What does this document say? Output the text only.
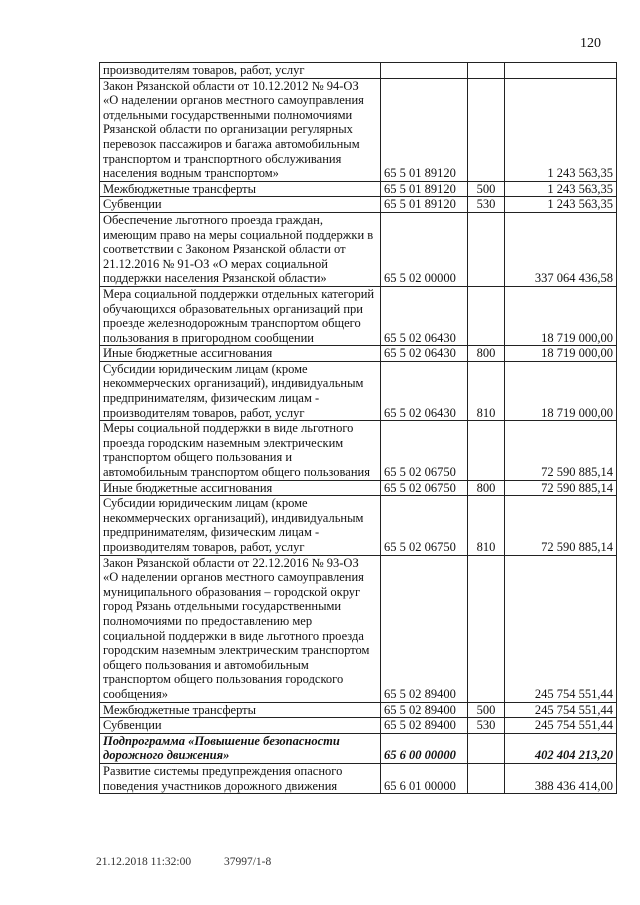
120
производителям товаров, работ, услуг			
Закон Рязанской области от 10.12.2012 № 94-ОЗ «О наделении органов местного самоуправления отдельными государственными полномочиями Рязанской области по организации регулярных перевозок пассажиров и багажа автомобильным транспортом и транспортного обслуживания населения водным транспортом»	65 5 01 89120		1 243 563,35
Межбюджетные трансферты	65 5 01 89120	500	1 243 563,35
Субвенции	65 5 01 89120	530	1 243 563,35
Обеспечение льготного проезда граждан, имеющим право на меры социальной поддержки в соответствии с Законом Рязанской области от 21.12.2016 № 91-ОЗ «О мерах социальной поддержки населения Рязанской области»	65 5 02 00000		337 064 436,58
Мера социальной поддержки отдельных категорий обучающихся образовательных организаций при проезде железнодорожным транспортом общего пользования в пригородном сообщении	65 5 02 06430		18 719 000,00
Иные бюджетные ассигнования	65 5 02 06430	800	18 719 000,00
Субсидии юридическим лицам (кроме некоммерческих организаций), индивидуальным предпринимателям, физическим лицам - производителям товаров, работ, услуг	65 5 02 06430	810	18 719 000,00
Меры социальной поддержки в виде льготного проезда городским наземным электрическим транспортом общего пользования и автомобильным транспортом общего пользования	65 5 02 06750		72 590 885,14
Иные бюджетные ассигнования	65 5 02 06750	800	72 590 885,14
Субсидии юридическим лицам (кроме некоммерческих организаций), индивидуальным предпринимателям, физическим лицам - производителям товаров, работ, услуг	65 5 02 06750	810	72 590 885,14
Закон Рязанской области от 22.12.2016 № 93-ОЗ «О наделении органов местного самоуправления муниципального образования – городской округ город Рязань отдельными государственными полномочиями по предоставлению мер социальной поддержки в виде льготного проезда городским наземным электрическим транспортом общего пользования и автомобильным транспортом общего пользования городского сообщения»	65 5 02 89400		245 754 551,44
Межбюджетные трансферты	65 5 02 89400	500	245 754 551,44
Субвенции	65 5 02 89400	530	245 754 551,44
Подпрограмма «Повышение безопасности дорожного движения»	65 6 00 00000		402 404 213,20
Развитие системы предупреждения опасного поведения участников дорожного движения	65 6 01 00000		388 436 414,00
21.12.2018 11:32:00	37997/1-8
